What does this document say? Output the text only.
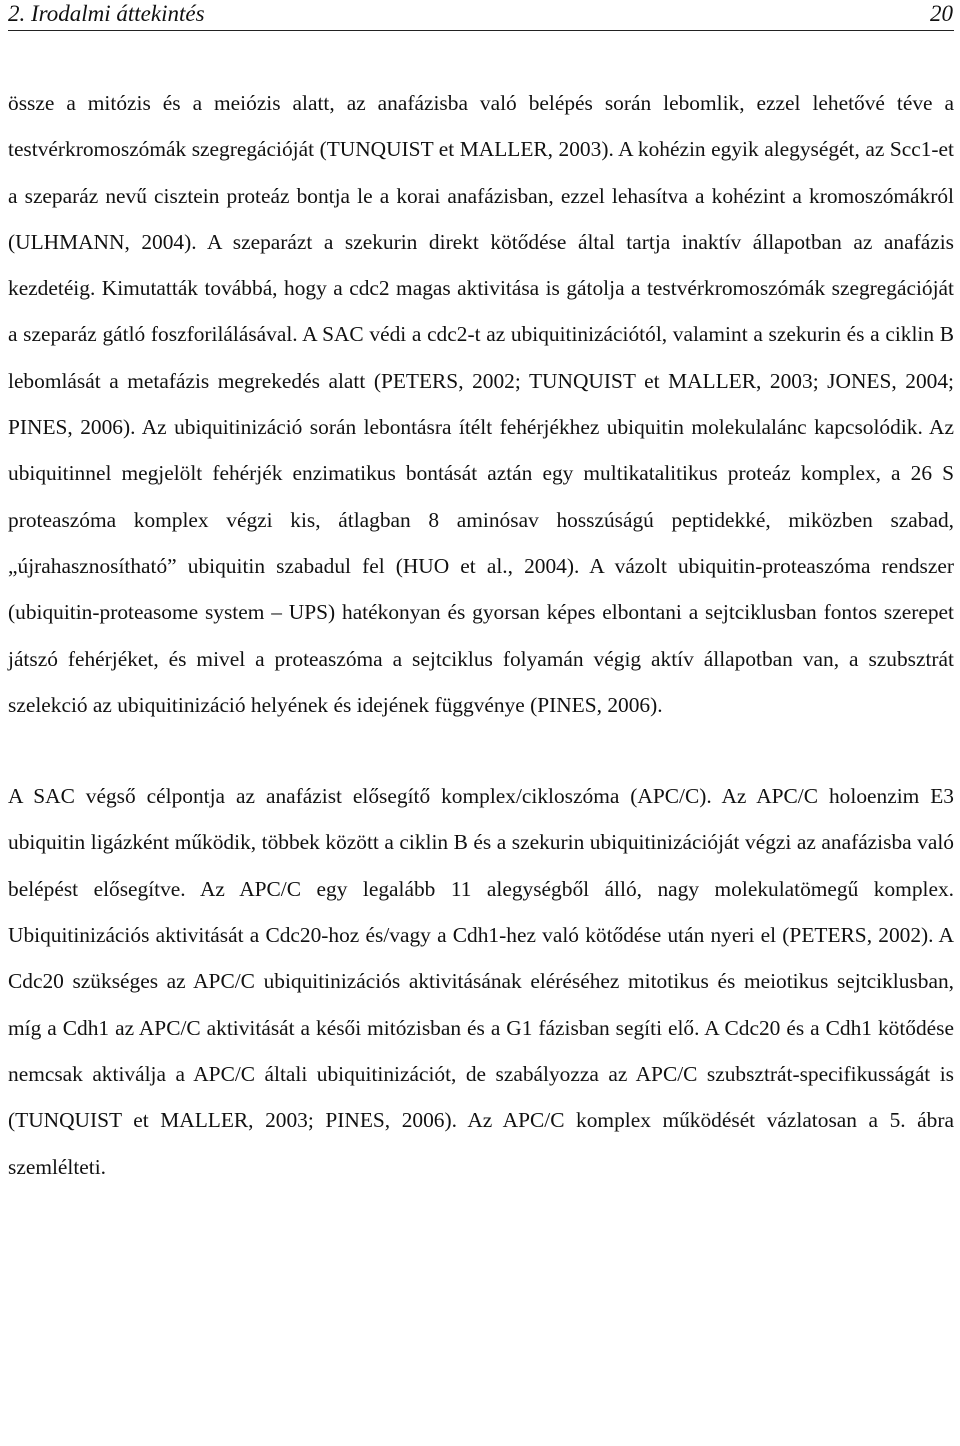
2. Irodalmi áttekintés	20

össze a mitózis és a meiózis alatt, az anafázisba való belépés során lebomlik, ezzel lehetővé téve a testvérkromoszómák szegregációját (TUNQUIST et MALLER, 2003). A kohézin egyik alegységét, az Scc1-et a szeparáz nevű cisztein proteáz bontja le a korai anafázisban, ezzel lehasítva a kohézint a kromoszómákról (ULHMANN, 2004). A szeparázt a szekurin direkt kötődése által tartja inaktív állapotban az anafázis kezdetéig. Kimutatták továbbá, hogy a cdc2 magas aktivitása is gátolja a testvérkromoszómák szegregációját a szeparáz gátló foszforilálásával. A SAC védi a cdc2-t az ubiquitinizációtól, valamint a szekurin és a ciklin B lebomlását a metafázis megrekedés alatt (PETERS, 2002; TUNQUIST et MALLER, 2003; JONES, 2004; PINES, 2006). Az ubiquitinizáció során lebontásra ítélt fehérjékhez ubiquitin molekulalánc kapcsolódik. Az ubiquitinnel megjelölt fehérjék enzimatikus bontását aztán egy multikatalitikus proteáz komplex, a 26 S proteaszóma komplex végzi kis, átlagban 8 aminósav hosszúságú peptidekké, miközben szabad, „újrahasznosítható” ubiquitin szabadul fel (HUO et al., 2004). A vázolt ubiquitin-proteaszóma rendszer (ubiquitin-proteasome system – UPS) hatékonyan és gyorsan képes elbontani a sejtciklusban fontos szerepet játszó fehérjéket, és mivel a proteaszóma a sejtciklus folyamán végig aktív állapotban van, a szubsztrát szelekció az ubiquitinizáció helyének és idejének függvénye (PINES, 2006).

A SAC végső célpontja az anafázist elősegítő komplex/cikloszóma (APC/C). Az APC/C holoenzim E3 ubiquitin ligázként működik, többek között a ciklin B és a szekurin ubiquitinizációját végzi az anafázisba való belépést elősegítve. Az APC/C egy legalább 11 alegységből álló, nagy molekulatömegű komplex. Ubiquitinizációs aktivitását a Cdc20-hoz és/vagy a Cdh1-hez való kötődése után nyeri el (PETERS, 2002). A Cdc20 szükséges az APC/C ubiquitinizációs aktivitásának eléréséhez mitotikus és meiotikus sejtciklusban, míg a Cdh1 az APC/C aktivitását a késői mitózisban és a G1 fázisban segíti elő. A Cdc20 és a Cdh1 kötődése nemcsak aktiválja a APC/C általi ubiquitinizációt, de szabályozza az APC/C szubsztrát-specifikusságát is (TUNQUIST et MALLER, 2003; PINES, 2006). Az APC/C komplex működését vázlatosan a 5. ábra szemlélteti.
